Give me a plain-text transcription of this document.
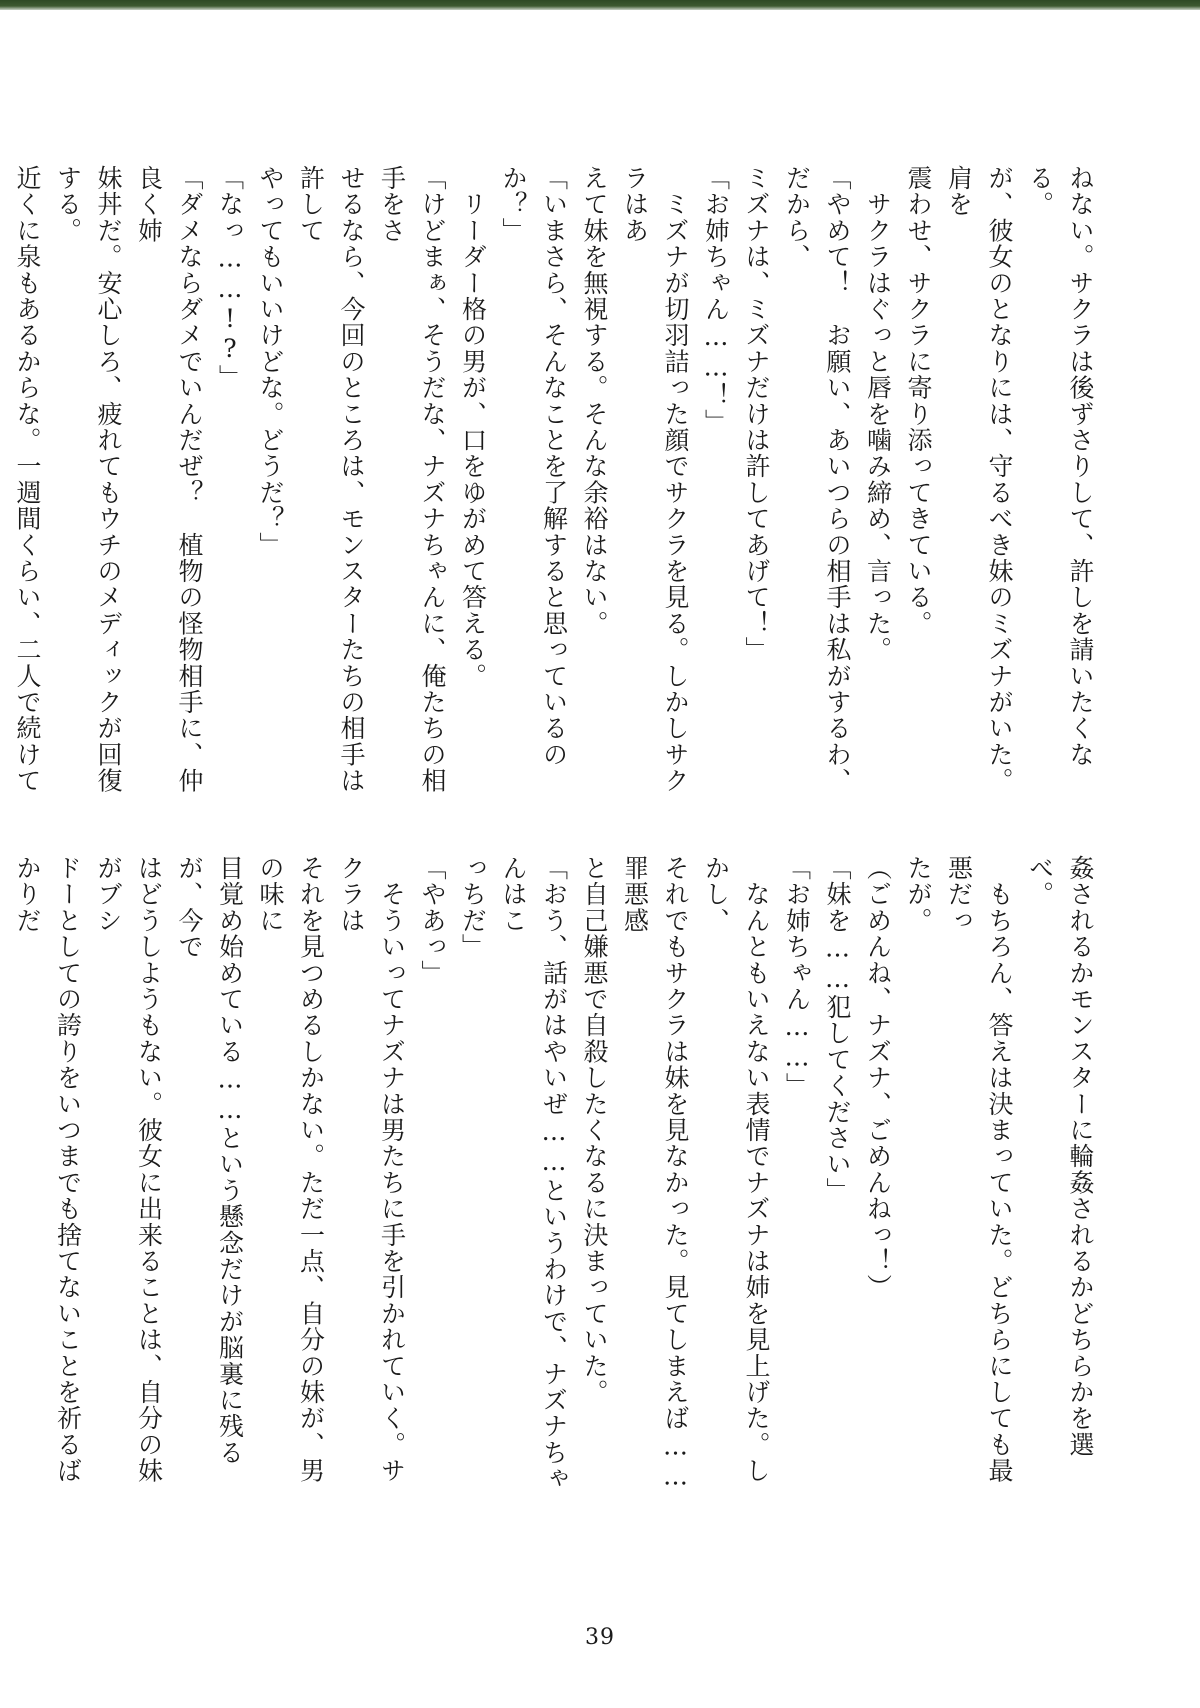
ねない。サクラは後ずさりして、許しを請いたくなる。

が、彼女のとなりには、守るべき妹のミズナがいた。肩を

震わせ、サクラに寄り添ってきている。

　サクラはぐっと唇を噛み締め、言った。

「やめて！　お願い、あいつらの相手は私がするわ、だから、

ミズナは、ミズナだけは許してあげて！」

「お姉ちゃん……！」

　ミズナが切羽詰った顔でサクラを見る。しかしサクラはあ

えて妹を無視する。そんな余裕はない。

「いまさら、そんなことを了解すると思っているのか？」

　リーダー格の男が、口をゆがめて答える。

「けどまぁ、そうだな、ナズナちゃんに、俺たちの相手をさ

せるなら、今回のところは、モンスターたちの相手は許して

やってもいいけどな。どうだ？」

「なっ……!?」

「ダメならダメでいんだぜ？　植物の怪物相手に、仲良く姉

妹丼だ。安心しろ、疲れてもウチのメディックが回復する。

近くに泉もあるからな。一週間くらい、二人で続けて

姦されるかモンスターに輪姦されるかどちらかを選べ。

　もちろん、答えは決まっていた。どちらにしても最悪だっ

たが。

（ごめんね、ナズナ、ごめんねっ！）

「妹を……犯してください」

「お姉ちゃん……」

　なんともいえない表情でナズナは姉を見上げた。しかし、

それでもサクラは妹を見なかった。見てしまえば……罪悪感

と自己嫌悪で自殺したくなるに決まっていた。

「おう、話がはやいぜ……というわけで、ナズナちゃんはこ

っちだ」

「やあっ」

　そういってナズナは男たちに手を引かれていく。サクラは

それを見つめるしかない。ただ一点、自分の妹が、男の味に

目覚め始めている……という懸念だけが脳裏に残るが、今で

はどうしようもない。彼女に出来ることは、自分の妹がブシ

ドーとしての誇りをいつまでも捨てないことを祈るばかりだ

39
